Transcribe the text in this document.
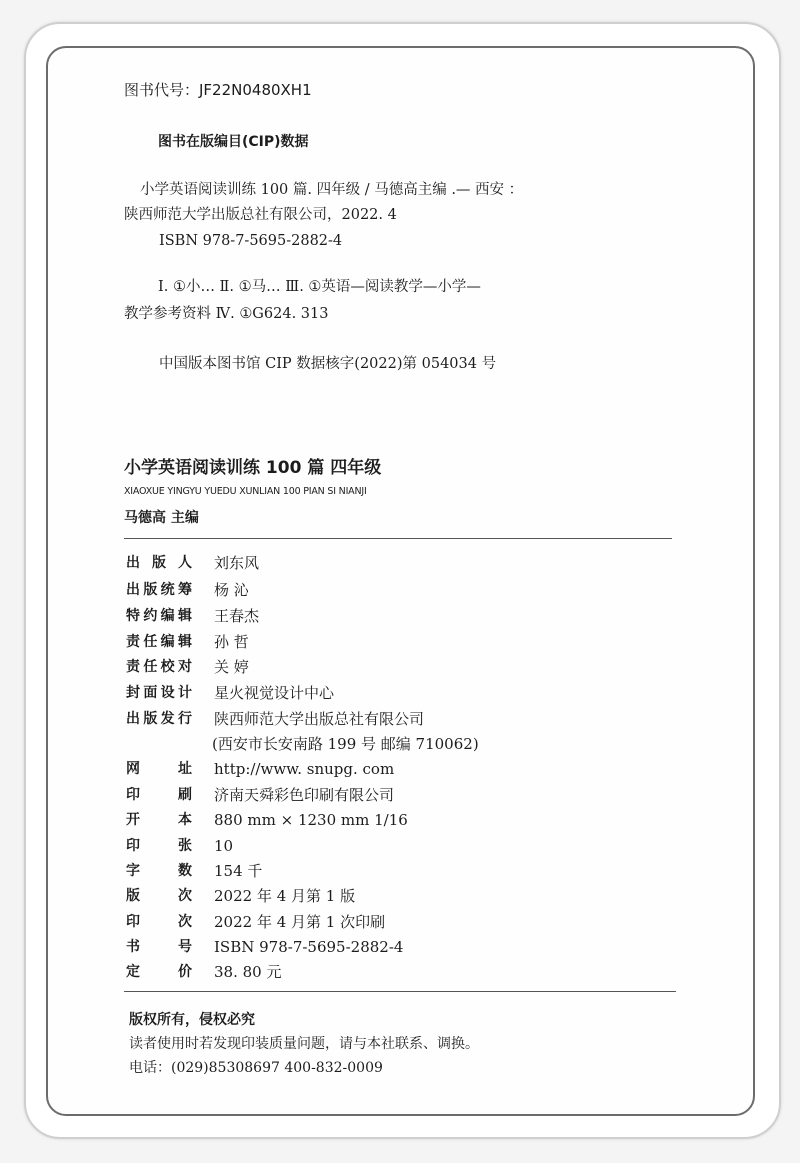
图书代号：JF22N0480XH1
图书在版编目(CIP)数据
小学英语阅读训练 100 篇. 四年级 / 马德高主编 .— 西安 ：
陕西师范大学出版总社有限公司，2022. 4
ISBN 978-7-5695-2882-4
Ⅰ. ①小… Ⅱ. ①马… Ⅲ. ①英语—阅读教学—小学—
教学参考资料 Ⅳ. ①G624. 313
中国版本图书馆 CIP 数据核字(2022)第 054034 号
小学英语阅读训练 100 篇 四年级
XIAOXUE YINGYU YUEDU XUNLIAN 100 PIAN SI NIANJI
马德高 主编
出版人 刘东风
出版统筹 杨 沁
特约编辑 王春杰
责任编辑 孙 哲
责任校对 关 婷
封面设计 星火视觉设计中心
出版发行 陕西师范大学出版总社有限公司
(西安市长安南路 199 号 邮编 710062)
网址 http://www. snupg. com
印刷 济南天舜彩色印刷有限公司
开本 880 mm × 1230 mm 1/16
印张 10
字数 154 千
版次 2022 年 4 月第 1 版
印次 2022 年 4 月第 1 次印刷
书号 ISBN 978-7-5695-2882-4
定价 38. 80 元
版权所有，侵权必究
读者使用时若发现印装质量问题，请与本社联系、调换。
电话：(029)85308697 400-832-0009
